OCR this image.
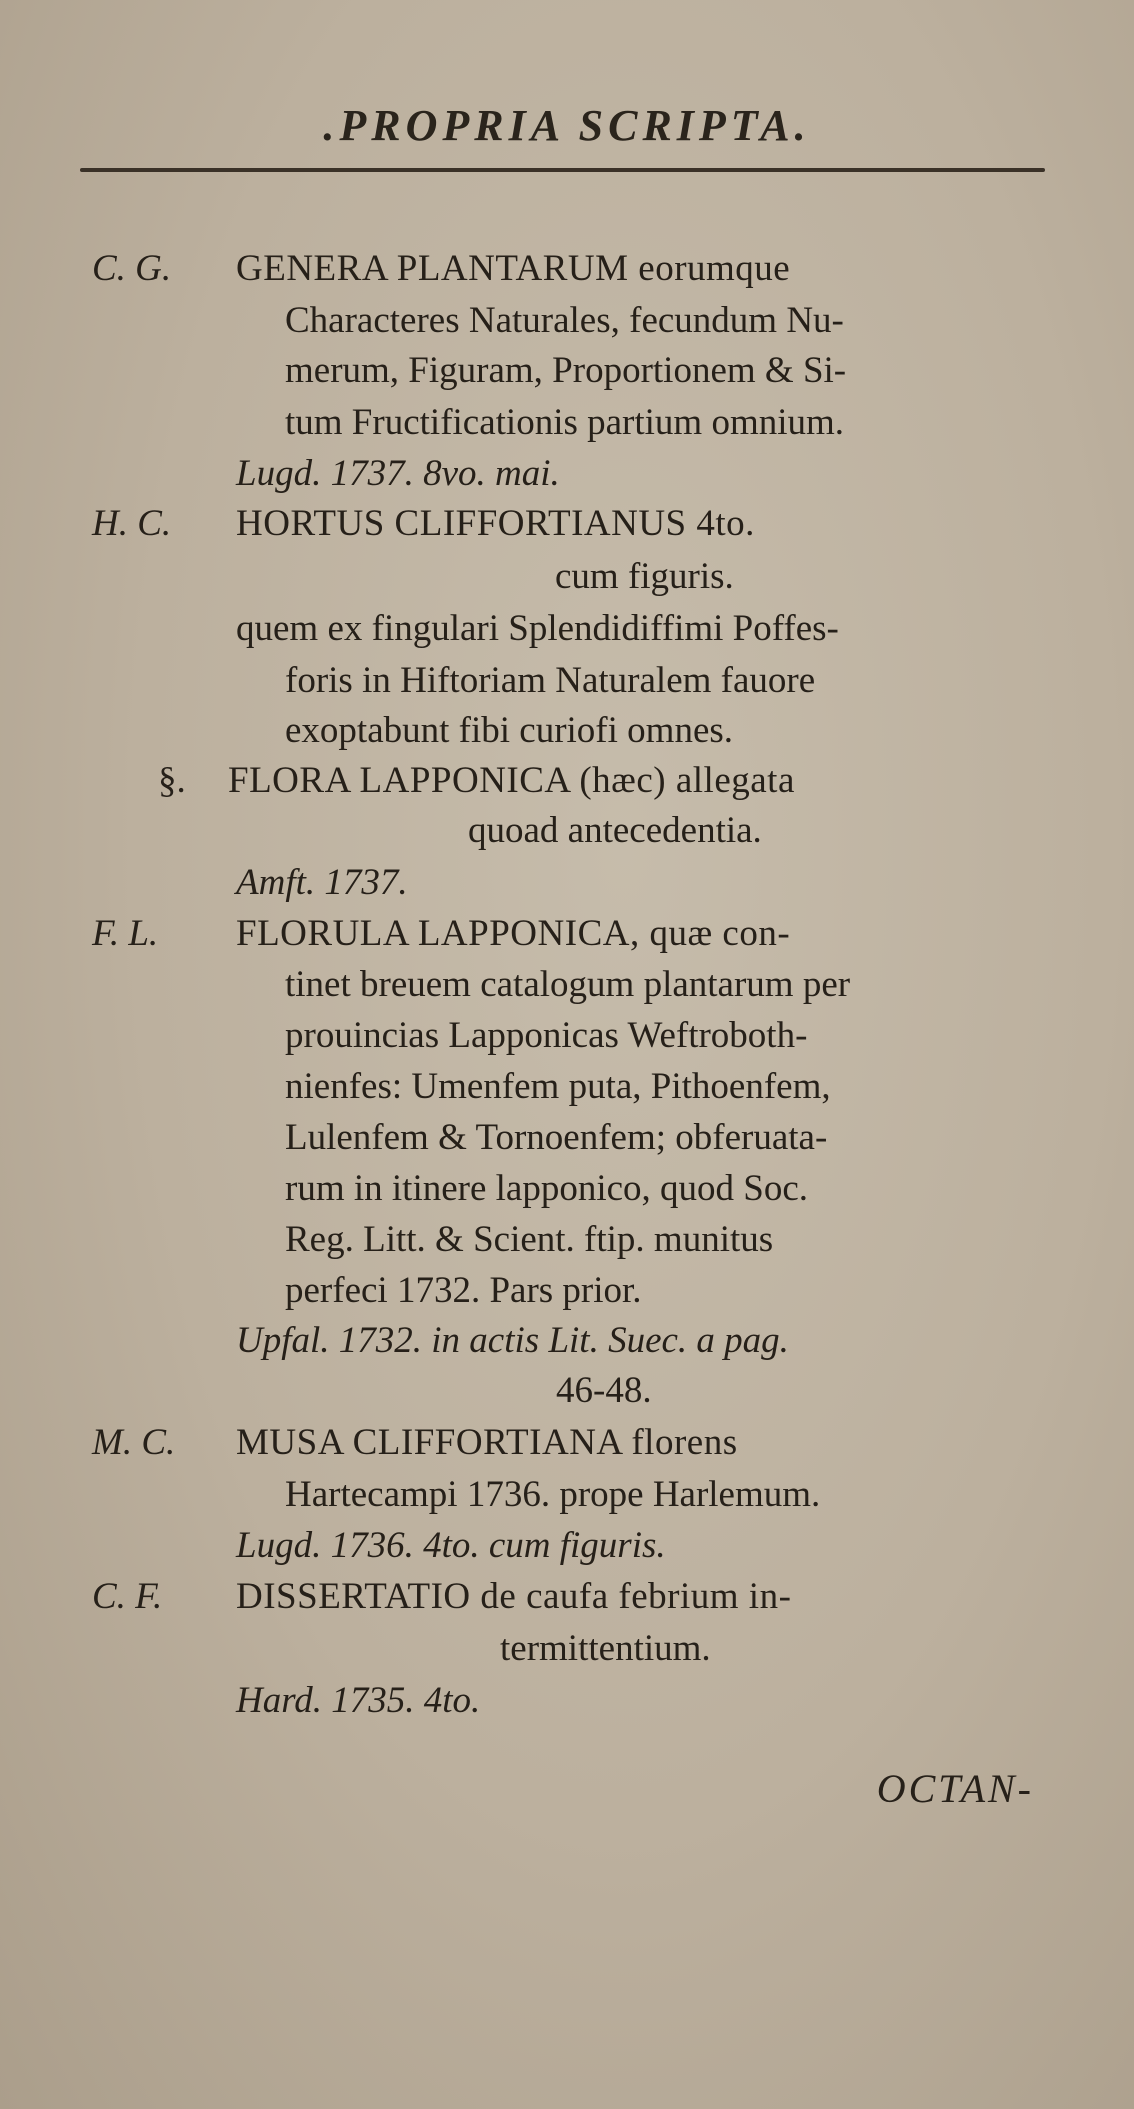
.PROPRIA SCRIPTA.
C. G. GENERA PLANTARUM eorumque
Characteres Naturales, fecundum Nu-
merum, Figuram, Proportionem & Si-
tum Fructificationis partium omnium.
Lugd. 1737. 8vo. mai.
H. C. HORTUS CLIFFORTIANUS 4to.
cum figuris.
quem ex fingulari Splendidiffimi Poffes-
foris in Hiftoriam Naturalem fauore
exoptabunt fibi curiofi omnes.
§. FLORA LAPPONICA (hæc) allegata
quoad antecedentia.
Amft. 1737.
F. L. FLORULA LAPPONICA, quæ con-
tinet breuem catalogum plantarum per
prouincias Lapponicas Weftroboth-
nienfes: Umenfem puta, Pithoenfem,
Lulenfem & Tornoenfem; obferuata-
rum in itinere lapponico, quod Soc.
Reg. Litt. & Scient. ftip. munitus
perfeci 1732. Pars prior.
Upfal. 1732. in actis Lit. Suec. a pag.
46-48.
M. C. MUSA CLIFFORTIANA florens
Hartecampi 1736. prope Harlemum.
Lugd. 1736. 4to. cum figuris.
C. F. DISSERTATIO de caufa febrium in-
termittentium.
Hard. 1735. 4to.
OCTAN-
